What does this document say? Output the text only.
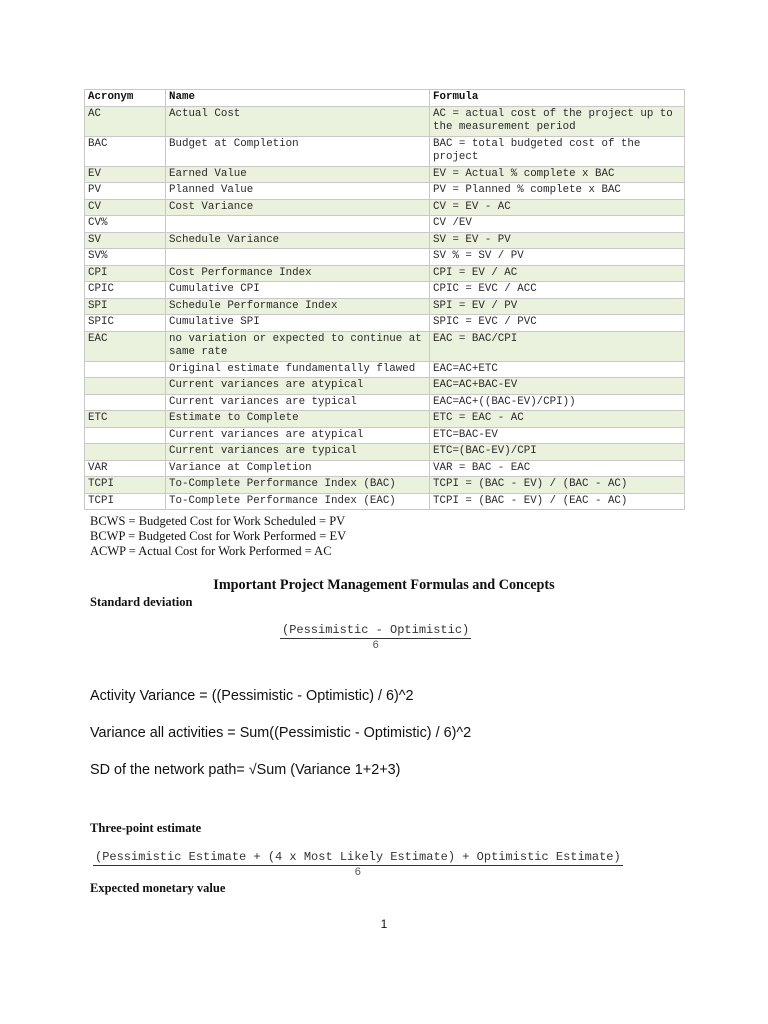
Acronym	Name	Formula
AC	Actual Cost	AC = actual cost of the project up to the measurement period
BAC	Budget at Completion	BAC = total budgeted cost of the project
EV	Earned Value	EV = Actual % complete x BAC
PV	Planned Value	PV = Planned % complete x BAC
CV	Cost Variance	CV = EV - AC
CV%		CV /EV
SV	Schedule Variance	SV = EV - PV
SV%		SV % = SV / PV
CPI	Cost Performance Index	CPI = EV / AC
CPIC	Cumulative CPI	CPIC = EVC / ACC
SPI	Schedule Performance Index	SPI = EV / PV
SPIC	Cumulative SPI	SPIC = EVC / PVC
EAC	no variation or expected to continue at same rate	EAC = BAC/CPI
	Original estimate fundamentally flawed	EAC=AC+ETC
	Current variances are atypical	EAC=AC+BAC-EV
	Current variances are typical	EAC=AC+((BAC-EV)/CPI))
ETC	Estimate to Complete	ETC = EAC - AC
	Current variances are atypical	ETC=BAC-EV
	Current variances are typical	ETC=(BAC-EV)/CPI
VAR	Variance at Completion	VAR = BAC - EAC
TCPI	To-Complete Performance Index (BAC)	TCPI = (BAC - EV) / (BAC - AC)
TCPI	To-Complete Performance Index (EAC)	TCPI = (BAC - EV) / (EAC - AC)
BCWS = Budgeted Cost for Work Scheduled = PV
BCWP = Budgeted Cost for Work Performed = EV
ACWP = Actual Cost for Work Performed = AC
Important Project Management Formulas and Concepts
Standard deviation
(Pessimistic - Optimistic)
6
Activity Variance = ((Pessimistic - Optimistic) / 6)^2
Variance all activities = Sum((Pessimistic - Optimistic) / 6)^2
SD of the network path= √Sum (Variance 1+2+3)
Three-point estimate
(Pessimistic Estimate + (4 x Most Likely Estimate) + Optimistic Estimate)
6
Expected monetary value
1
